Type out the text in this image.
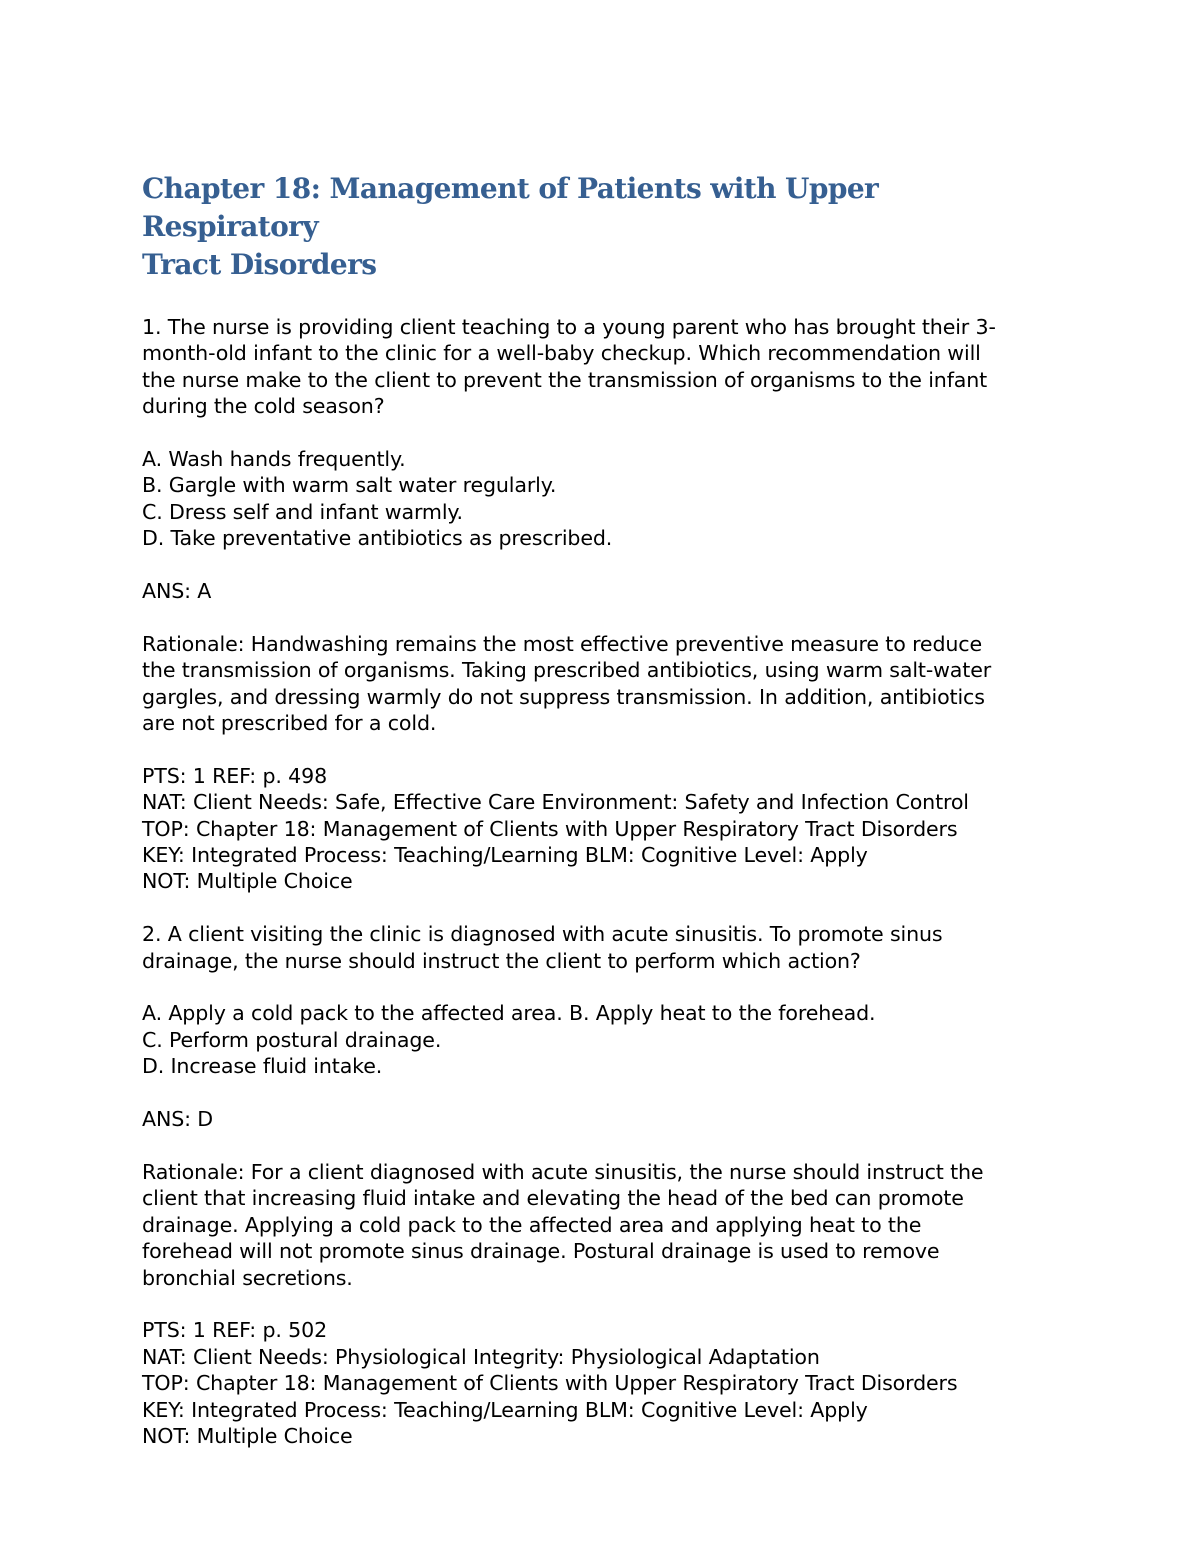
Chapter 18: Management of Patients with Upper Respiratory
Tract Disorders
1. The nurse is providing client teaching to a young parent who has brought their 3-
month-old infant to the clinic for a well-baby checkup. Which recommendation will
the nurse make to the client to prevent the transmission of organisms to the infant
during the cold season?
A. Wash hands frequently.
B. Gargle with warm salt water regularly.
C. Dress self and infant warmly.
D. Take preventative antibiotics as prescribed.
ANS: A
Rationale: Handwashing remains the most effective preventive measure to reduce
the transmission of organisms. Taking prescribed antibiotics, using warm salt-water
gargles, and dressing warmly do not suppress transmission. In addition, antibiotics
are not prescribed for a cold.
PTS: 1 REF: p. 498
NAT: Client Needs: Safe, Effective Care Environment: Safety and Infection Control
TOP: Chapter 18: Management of Clients with Upper Respiratory Tract Disorders
KEY: Integrated Process: Teaching/Learning BLM: Cognitive Level: Apply
NOT: Multiple Choice
2. A client visiting the clinic is diagnosed with acute sinusitis. To promote sinus
drainage, the nurse should instruct the client to perform which action?
A. Apply a cold pack to the affected area. B. Apply heat to the forehead.
C. Perform postural drainage.
D. Increase fluid intake.
ANS: D
Rationale: For a client diagnosed with acute sinusitis, the nurse should instruct the
client that increasing fluid intake and elevating the head of the bed can promote
drainage. Applying a cold pack to the affected area and applying heat to the
forehead will not promote sinus drainage. Postural drainage is used to remove
bronchial secretions.
PTS: 1 REF: p. 502
NAT: Client Needs: Physiological Integrity: Physiological Adaptation
TOP: Chapter 18: Management of Clients with Upper Respiratory Tract Disorders
KEY: Integrated Process: Teaching/Learning BLM: Cognitive Level: Apply
NOT: Multiple Choice
